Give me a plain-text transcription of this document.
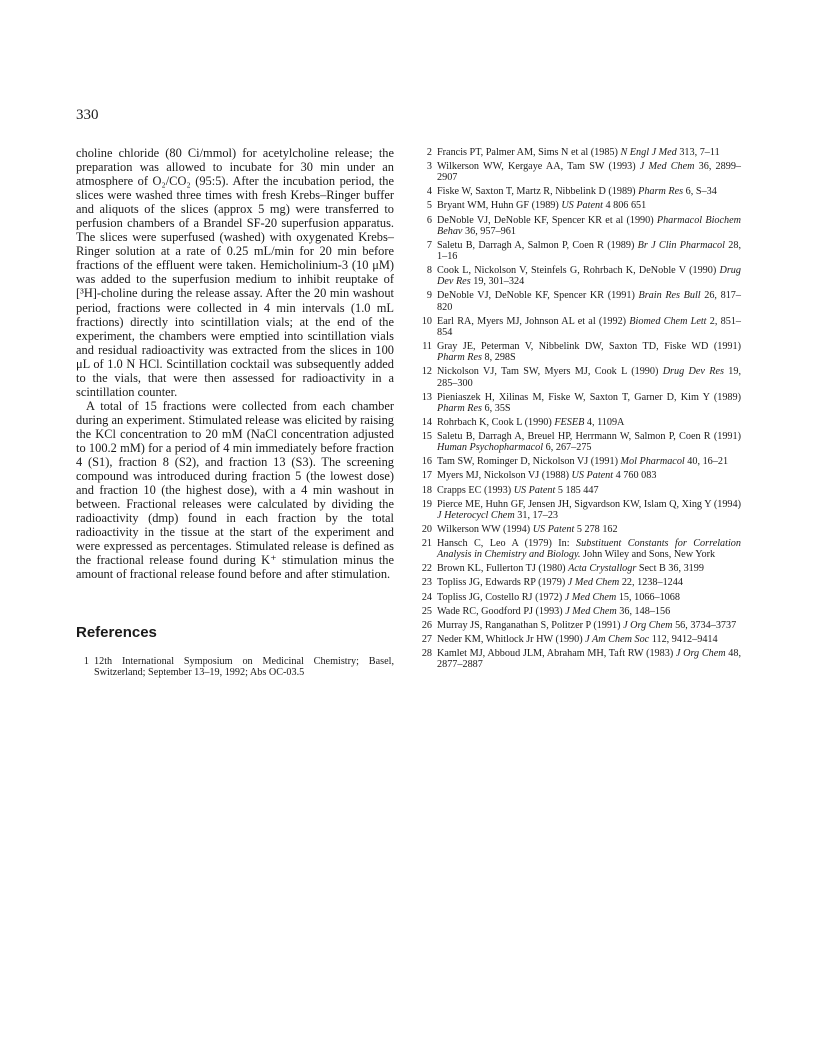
330

choline chloride (80 Ci/mmol) for acetylcholine release; the preparation was allowed to incubate for 30 min under an atmosphere of O₂/CO₂ (95:5). After the incubation period, the slices were washed three times with fresh Krebs–Ringer buffer and aliquots of the slices (approx 5 mg) were transferred to perfusion chambers of a Brandel SF-20 superfusion apparatus. The slices were superfused (washed) with oxygenated Krebs–Ringer solution at a rate of 0.25 mL/min for 20 min before fractions of the effluent were taken. Hemicholinium-3 (10 μM) was added to the superfusion medium to inhibit reuptake of [³H]-choline during the release assay. After the 20 min washout period, fractions were collected in 4 min intervals (1.0 mL fractions) directly into scintillation vials; at the end of the experiment, the chambers were emptied into scintillation vials and residual radioactivity was extracted from the slices in 100 μL of 1.0 N HCl. Scintillation cocktail was subsequently added to the vials, that were then assessed for radioactivity in a scintillation counter.

A total of 15 fractions were collected from each chamber during an experiment. Stimulated release was elicited by raising the KCl concentration to 20 mM (NaCl concentration adjusted to 100.2 mM) for a period of 4 min immediately before fraction 4 (S1), fraction 8 (S2), and fraction 13 (S3). The screening compound was introduced during fraction 5 (the lowest dose) and fraction 10 (the highest dose), with a 4 min washout in between. Fractional releases were calculated by dividing the radioactivity (dmp) found in each fraction by the total radioactivity in the tissue at the start of the experiment and were expressed as percentages. Stimulated release is defined as the fractional release found during K⁺ stimulation minus the amount of fractional release found before and after stimulation.

References
1 12th International Symposium on Medicinal Chemistry; Basel, Switzerland; September 13–19, 1992; Abs OC-03.5
2 Francis PT, Palmer AM, Sims N et al (1985) N Engl J Med 313, 7–11
3 Wilkerson WW, Kergaye AA, Tam SW (1993) J Med Chem 36, 2899–2907
4 Fiske W, Saxton T, Martz R, Nibbelink D (1989) Pharm Res 6, S–34
5 Bryant WM, Huhn GF (1989) US Patent 4 806 651
6 DeNoble VJ, DeNoble KF, Spencer KR et al (1990) Pharmacol Biochem Behav 36, 957–961
7 Saletu B, Darragh A, Salmon P, Coen R (1989) Br J Clin Pharmacol 28, 1–16
8 Cook L, Nickolson V, Steinfels G, Rohrbach K, DeNoble V (1990) Drug Dev Res 19, 301–324
9 DeNoble VJ, DeNoble KF, Spencer KR (1991) Brain Res Bull 26, 817–820
10 Earl RA, Myers MJ, Johnson AL et al (1992) Biomed Chem Lett 2, 851–854
11 Gray JE, Peterman V, Nibbelink DW, Saxton TD, Fiske WD (1991) Pharm Res 8, 298S
12 Nickolson VJ, Tam SW, Myers MJ, Cook L (1990) Drug Dev Res 19, 285–300
13 Pieniaszek H, Xilinas M, Fiske W, Saxton T, Garner D, Kim Y (1989) Pharm Res 6, 35S
14 Rohrbach K, Cook L (1990) FESEB 4, 1109A
15 Saletu B, Darragh A, Breuel HP, Herrmann W, Salmon P, Coen R (1991) Human Psychopharmacol 6, 267–275
16 Tam SW, Rominger D, Nickolson VJ (1991) Mol Pharmacol 40, 16–21
17 Myers MJ, Nickolson VJ (1988) US Patent 4 760 083
18 Crapps EC (1993) US Patent 5 185 447
19 Pierce ME, Huhn GF, Jensen JH, Sigvardson KW, Islam Q, Xing Y (1994) J Heterocycl Chem 31, 17–23
20 Wilkerson WW (1994) US Patent 5 278 162
21 Hansch C, Leo A (1979) In: Substituent Constants for Correlation Analysis in Chemistry and Biology. John Wiley and Sons, New York
22 Brown KL, Fullerton TJ (1980) Acta Crystallogr Sect B 36, 3199
23 Topliss JG, Edwards RP (1979) J Med Chem 22, 1238–1244
24 Topliss JG, Costello RJ (1972) J Med Chem 15, 1066–1068
25 Wade RC, Goodford PJ (1993) J Med Chem 36, 148–156
26 Murray JS, Ranganathan S, Politzer P (1991) J Org Chem 56, 3734–3737
27 Neder KM, Whitlock Jr HW (1990) J Am Chem Soc 112, 9412–9414
28 Kamlet MJ, Abboud JLM, Abraham MH, Taft RW (1983) J Org Chem 48, 2877–2887
